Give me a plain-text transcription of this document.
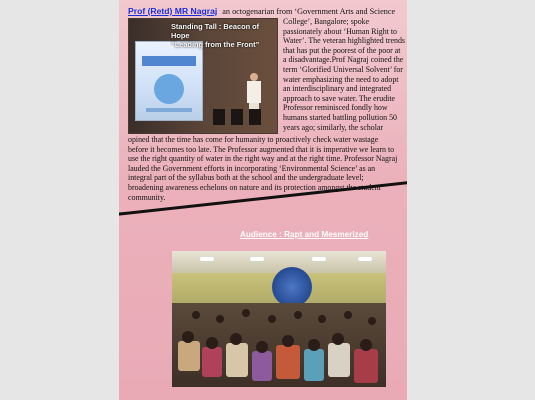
Prof (Retd) MR Nagraj an octogenarian from ‘Government Arts and Science
Standing Tall : Beacon of Hope
“Leading from the Front”
College’, Bangalore; spoke passionately about ‘Human Right to Water’. The veteran highlighted trends that has put the poorest of the poor at a disadvantage.Prof Nagraj coined the term ‘Glorified Universal Solvent’ for water emphasizing the need to adopt an interdisciplinary and integrated approach to save water. The erudite Professor reminisced fondly how humans started battling pollution 50 years ago; similarly, the scholar
opined that the time has come for humanity to proactively check water wastage before it becomes too late. The Professor augmented that it is imperative we learn to use the right quantity of water in the right way and at the right time. Professor Nagraj lauded the Government efforts in incorporating ‘Environmental Science’ as an integral part of the syllabus both at the school and the undergraduate level; broadening awareness echelons on nature and its protection amongst the student community.
Audience : Rapt and Mesmerized
